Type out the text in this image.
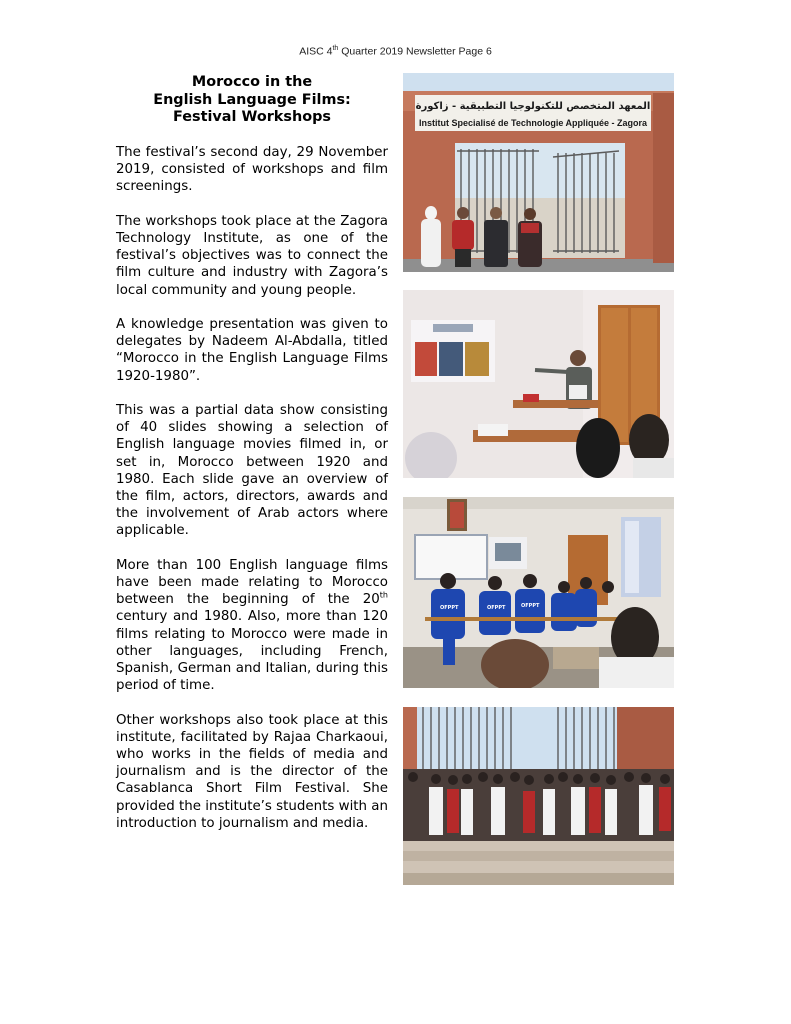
AISC 4th Quarter 2019 Newsletter Page 6
Morocco in the
English Language Films:
Festival Workshops

The festival’s second day, 29 November 2019, consisted of workshops and film screenings.

The workshops took place at the Zagora Technology Institute, as one of the festival’s objectives was to connect the film culture and industry with Zagora’s local community and young people.

A knowledge presentation was given to delegates by Nadeem Al-Abdalla, titled “Morocco in the English Language Films 1920-1980”.

This was a partial data show consisting of 40 slides showing a selection of English language movies filmed in, or set in, Morocco between 1920 and 1980. Each slide gave an overview of the film, actors, directors, awards and the involvement of Arab actors where applicable.

More than 100 English language films have been made relating to Morocco between the beginning of the 20th century and 1980. Also, more than 120 films relating to Morocco were made in other languages, including French, Spanish, German and Italian, during this period of time.

Other workshops also took place at this institute, facilitated by Rajaa Charkaoui, who works in the fields of media and journalism and is the director of the Casablanca Short Film Festival. She provided the institute’s students with an introduction to journalism and media.

المعهد المتخصص للتكنولوجيا التطبيقية - زاكورة
Institut Specialisé de Technologie Appliquée - Zagora
OFPPT	OFPPT	OFPPT
